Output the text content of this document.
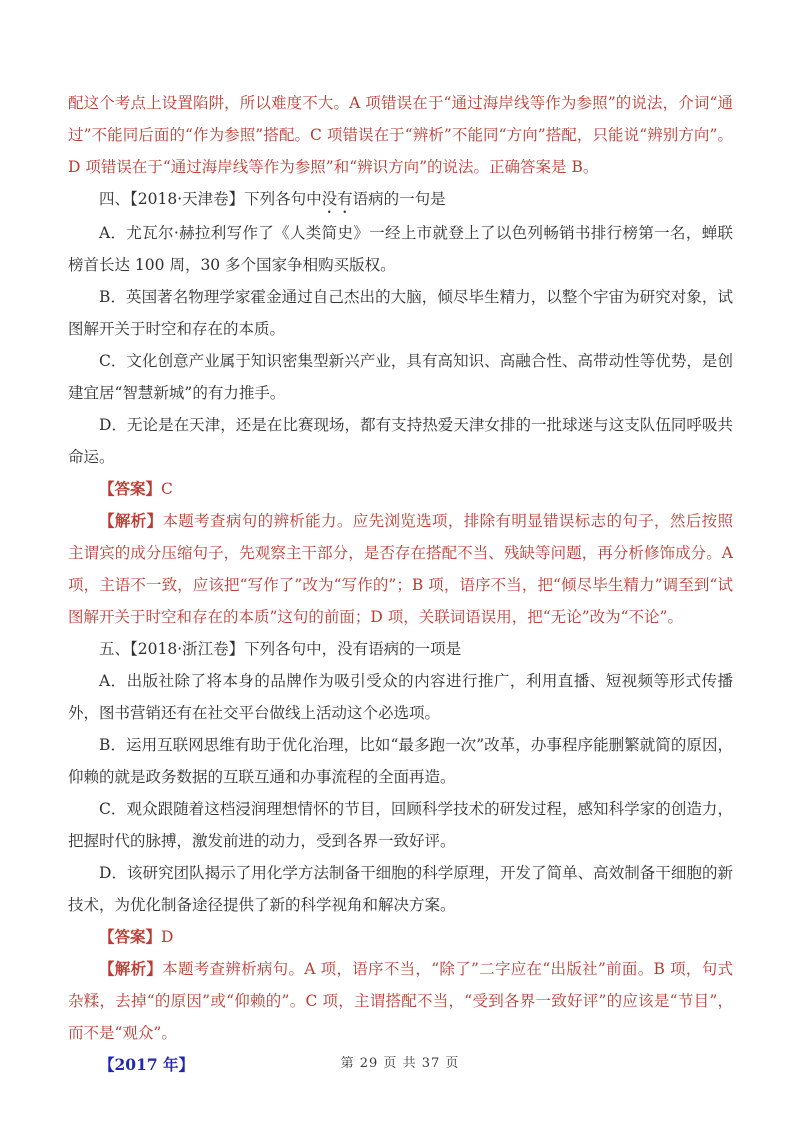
配这个考点上设置陷阱，所以难度不大。A 项错误在于“通过海岸线等作为参照”的说法，介词“通过”不能同后面的“作为参照”搭配。C 项错误在于“辨析”不能同“方向”搭配，只能说“辨别方向”。D 项错误在于“通过海岸线等作为参照”和“辨识方向”的说法。正确答案是 B。

四、【2018·天津卷】下列各句中没有语病的一句是

A．尤瓦尔·赫拉利写作了《人类简史》一经上市就登上了以色列畅销书排行榜第一名，蝉联榜首长达 100 周，30 多个国家争相购买版权。

B．英国著名物理学家霍金通过自己杰出的大脑，倾尽毕生精力，以整个宇宙为研究对象，试图解开关于时空和存在的本质。

C．文化创意产业属于知识密集型新兴产业，具有高知识、高融合性、高带动性等优势，是创建宜居“智慧新城”的有力推手。

D．无论是在天津，还是在比赛现场，都有支持热爱天津女排的一批球迷与这支队伍同呼吸共命运。

【答案】C

【解析】本题考查病句的辨析能力。应先浏览选项，排除有明显错误标志的句子，然后按照主谓宾的成分压缩句子，先观察主干部分，是否存在搭配不当、残缺等问题，再分析修饰成分。A 项，主语不一致，应该把“写作了”改为“写作的”；B 项，语序不当，把“倾尽毕生精力”调至到“试图解开关于时空和存在的本质”这句的前面；D 项，关联词语误用，把“无论”改为“不论”。

五、【2018·浙江卷】下列各句中，没有语病的一项是

A．出版社除了将本身的品牌作为吸引受众的内容进行推广，利用直播、短视频等形式传播外，图书营销还有在社交平台做线上活动这个必选项。

B．运用互联网思维有助于优化治理，比如“最多跑一次”改革，办事程序能删繁就简的原因，仰赖的就是政务数据的互联互通和办事流程的全面再造。

C．观众跟随着这档浸润理想情怀的节目，回顾科学技术的研发过程，感知科学家的创造力，把握时代的脉搏，激发前进的动力，受到各界一致好评。

D．该研究团队揭示了用化学方法制备干细胞的科学原理，开发了简单、高效制备干细胞的新技术，为优化制备途径提供了新的科学视角和解决方案。

【答案】D

【解析】本题考查辨析病句。A 项，语序不当，“除了”二字应在“出版社”前面。B 项，句式杂糅，去掉“的原因”或“仰赖的”。C 项，主谓搭配不当，“受到各界一致好评”的应该是“节目”，而不是“观众”。

【2017 年】	第 29 页 共 37 页
